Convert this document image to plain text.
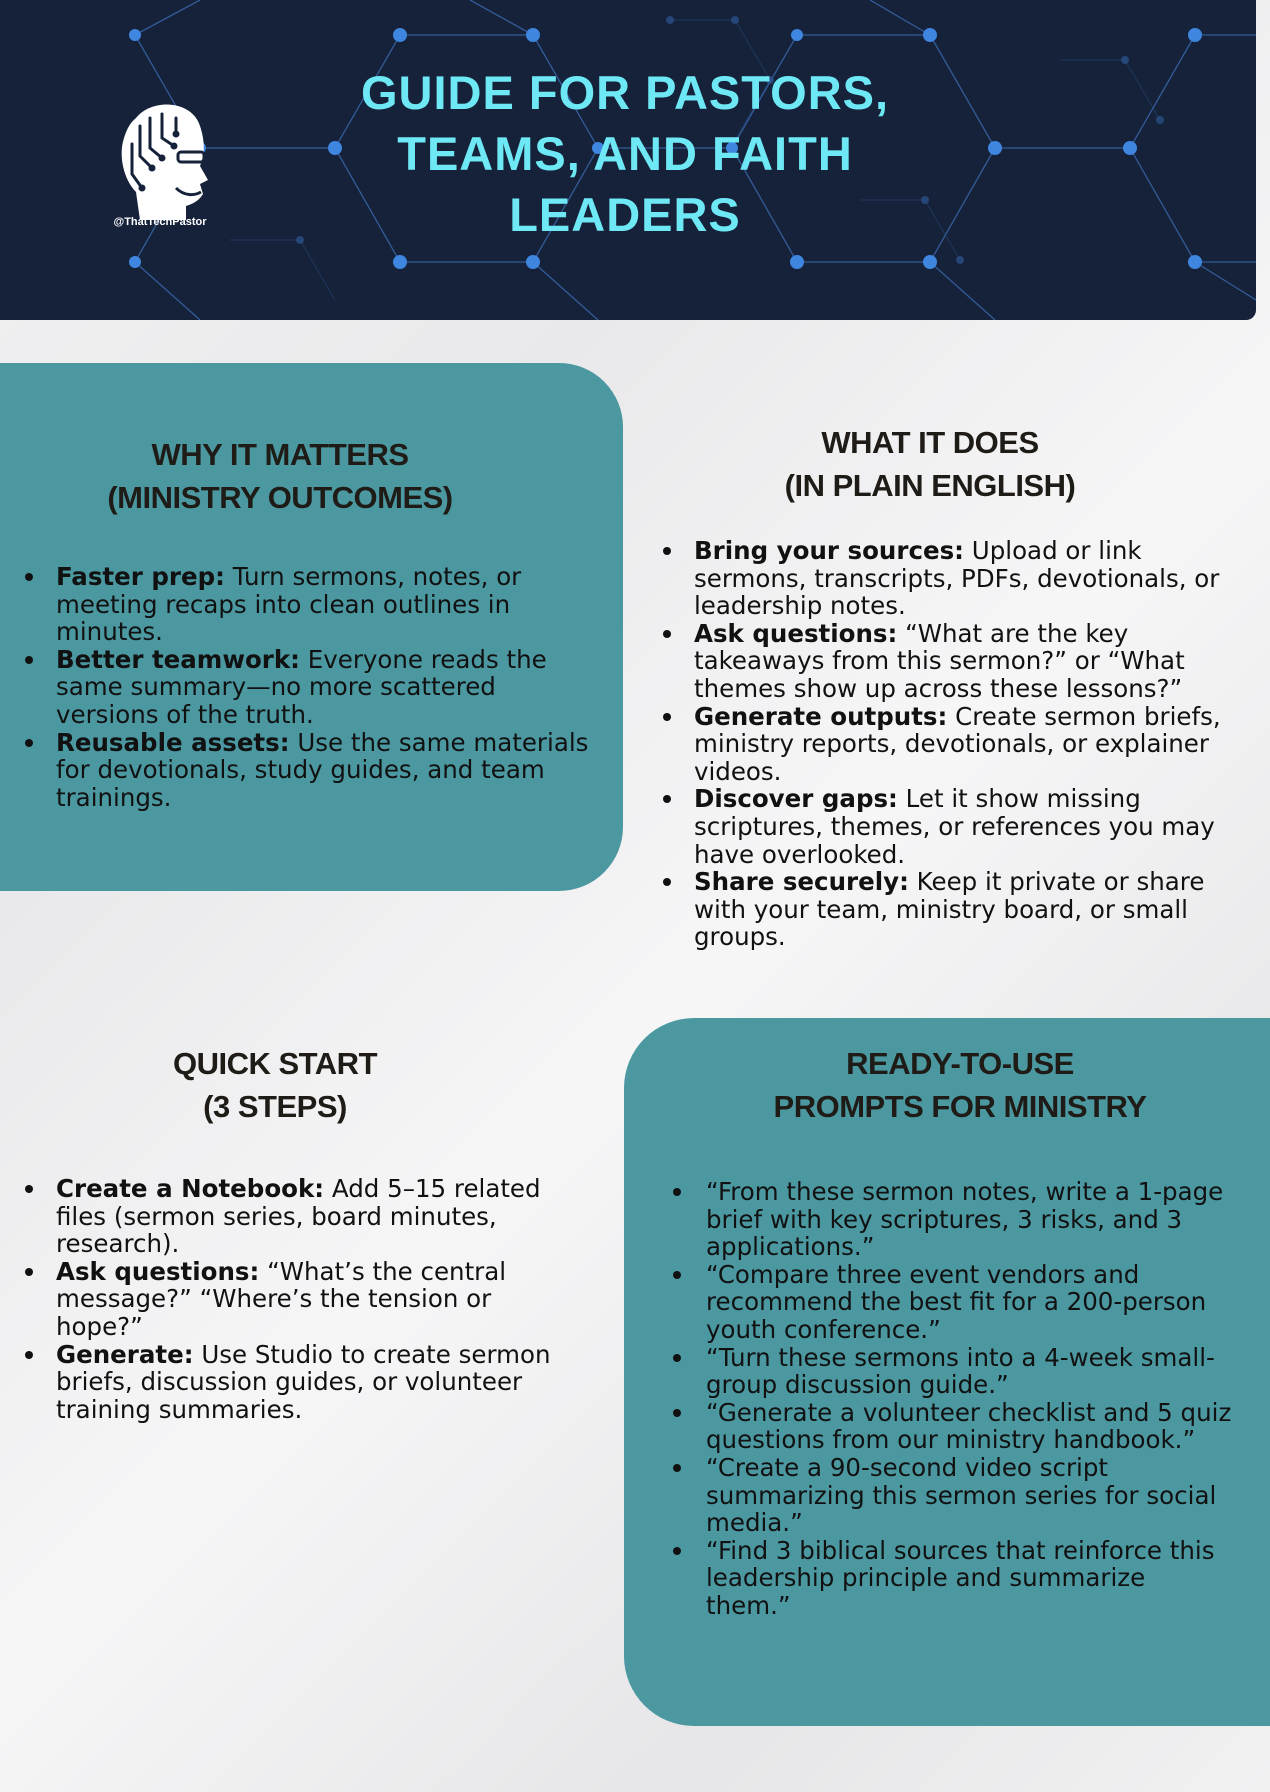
@ThatTechPastor
GUIDE FOR PASTORS,
TEAMS, AND FAITH
LEADERS
WHY IT MATTERS
(MINISTRY OUTCOMES)
Faster prep: Turn sermons, notes, or meeting recaps into clean outlines in minutes.
Better teamwork: Everyone reads the same summary—no more scattered versions of the truth.
Reusable assets: Use the same materials for devotionals, study guides, and team trainings.
WHAT IT DOES
(IN PLAIN ENGLISH)
Bring your sources: Upload or link sermons, transcripts, PDFs, devotionals, or leadership notes.
Ask questions: “What are the key takeaways from this sermon?” or “What themes show up across these lessons?”
Generate outputs: Create sermon briefs, ministry reports, devotionals, or explainer videos.
Discover gaps: Let it show missing scriptures, themes, or references you may have overlooked.
Share securely: Keep it private or share with your team, ministry board, or small groups.
QUICK START
(3 STEPS)
Create a Notebook: Add 5–15 related files (sermon series, board minutes, research).
Ask questions: “What’s the central message?” “Where’s the tension or hope?”
Generate: Use Studio to create sermon briefs, discussion guides, or volunteer training summaries.
READY-TO-USE
PROMPTS FOR MINISTRY
“From these sermon notes, write a 1-page brief with key scriptures, 3 risks, and 3 applications.”
“Compare three event vendors and recommend the best fit for a 200-person youth conference.”
“Turn these sermons into a 4-week small-group discussion guide.”
“Generate a volunteer checklist and 5 quiz questions from our ministry handbook.”
“Create a 90-second video script summarizing this sermon series for social media.”
“Find 3 biblical sources that reinforce this leadership principle and summarize them.”
